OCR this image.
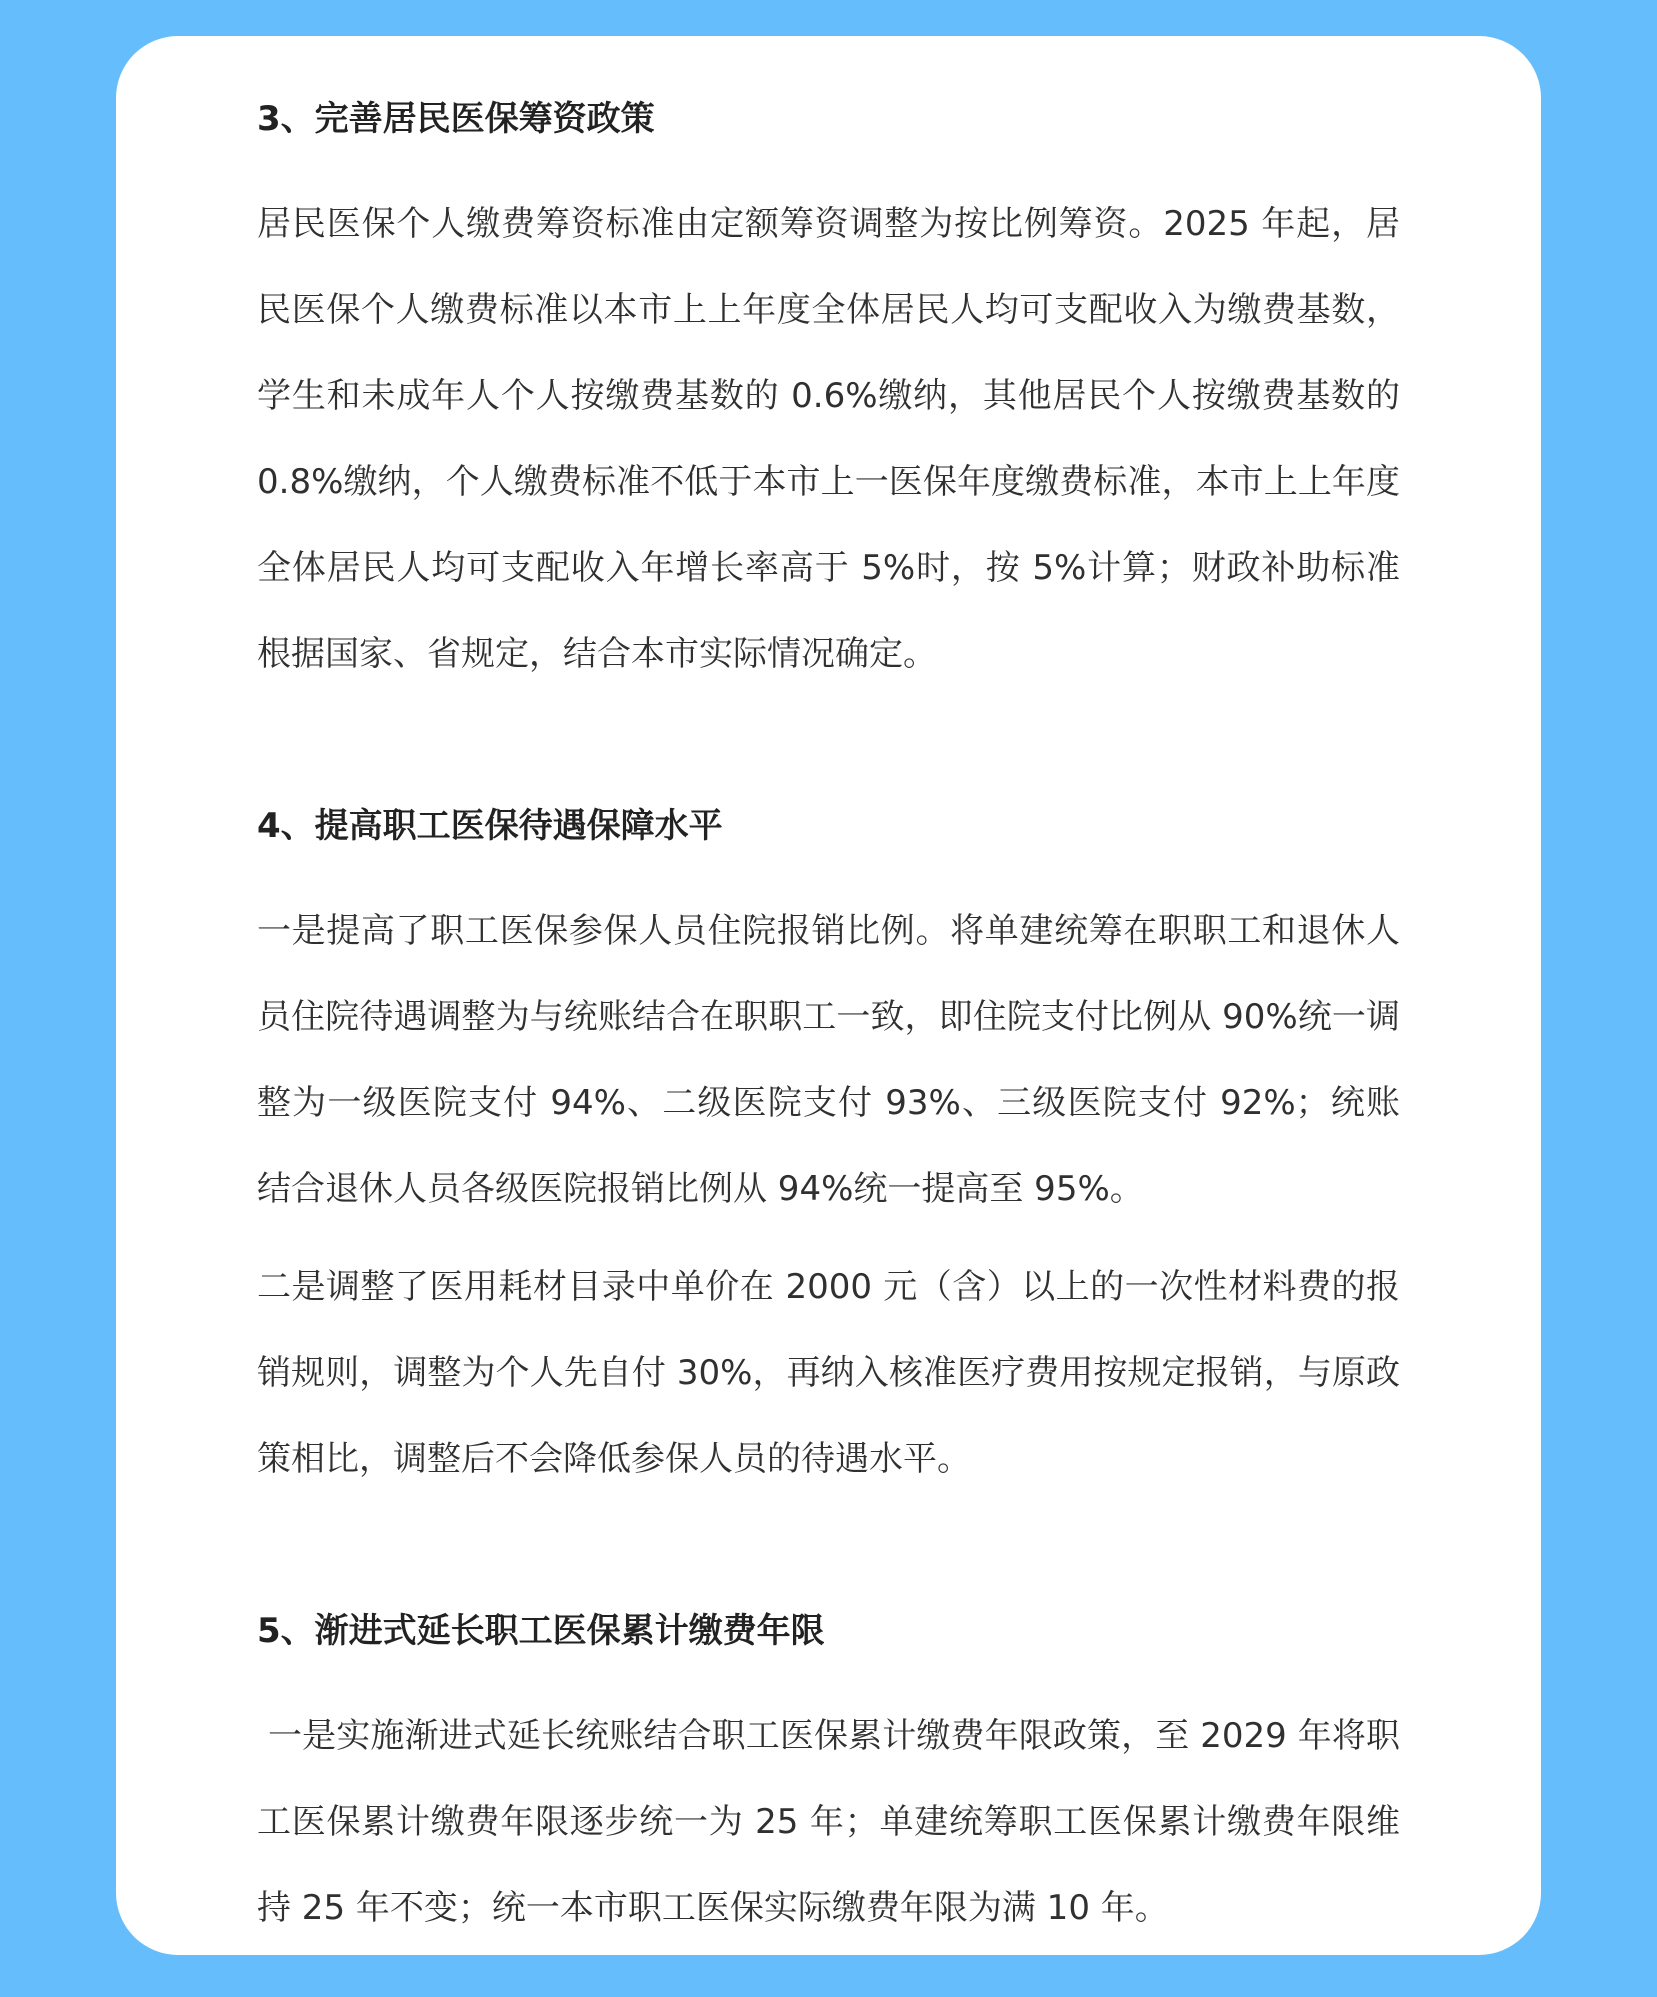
3、完善居民医保筹资政策

居民医保个人缴费筹资标准由定额筹资调整为按比例筹资。2025 年起，居民医保个人缴费标准以本市上上年度全体居民人均可支配收入为缴费基数，学生和未成年人个人按缴费基数的 0.6%缴纳，其他居民个人按缴费基数的 0.8%缴纳，个人缴费标准不低于本市上一医保年度缴费标准，本市上上年度全体居民人均可支配收入年增长率高于 5%时，按 5%计算；财政补助标准根据国家、省规定，结合本市实际情况确定。

4、提高职工医保待遇保障水平

一是提高了职工医保参保人员住院报销比例。将单建统筹在职职工和退休人员住院待遇调整为与统账结合在职职工一致，即住院支付比例从 90%统一调整为一级医院支付 94%、二级医院支付 93%、三级医院支付 92%；统账结合退休人员各级医院报销比例从 94%统一提高至 95%。

二是调整了医用耗材目录中单价在 2000 元（含）以上的一次性材料费的报销规则，调整为个人先自付 30%，再纳入核准医疗费用按规定报销，与原政策相比，调整后不会降低参保人员的待遇水平。

5、渐进式延长职工医保累计缴费年限

一是实施渐进式延长统账结合职工医保累计缴费年限政策，至 2029 年将职工医保累计缴费年限逐步统一为 25 年；单建统筹职工医保累计缴费年限维持 25 年不变；统一本市职工医保实际缴费年限为满 10 年。
